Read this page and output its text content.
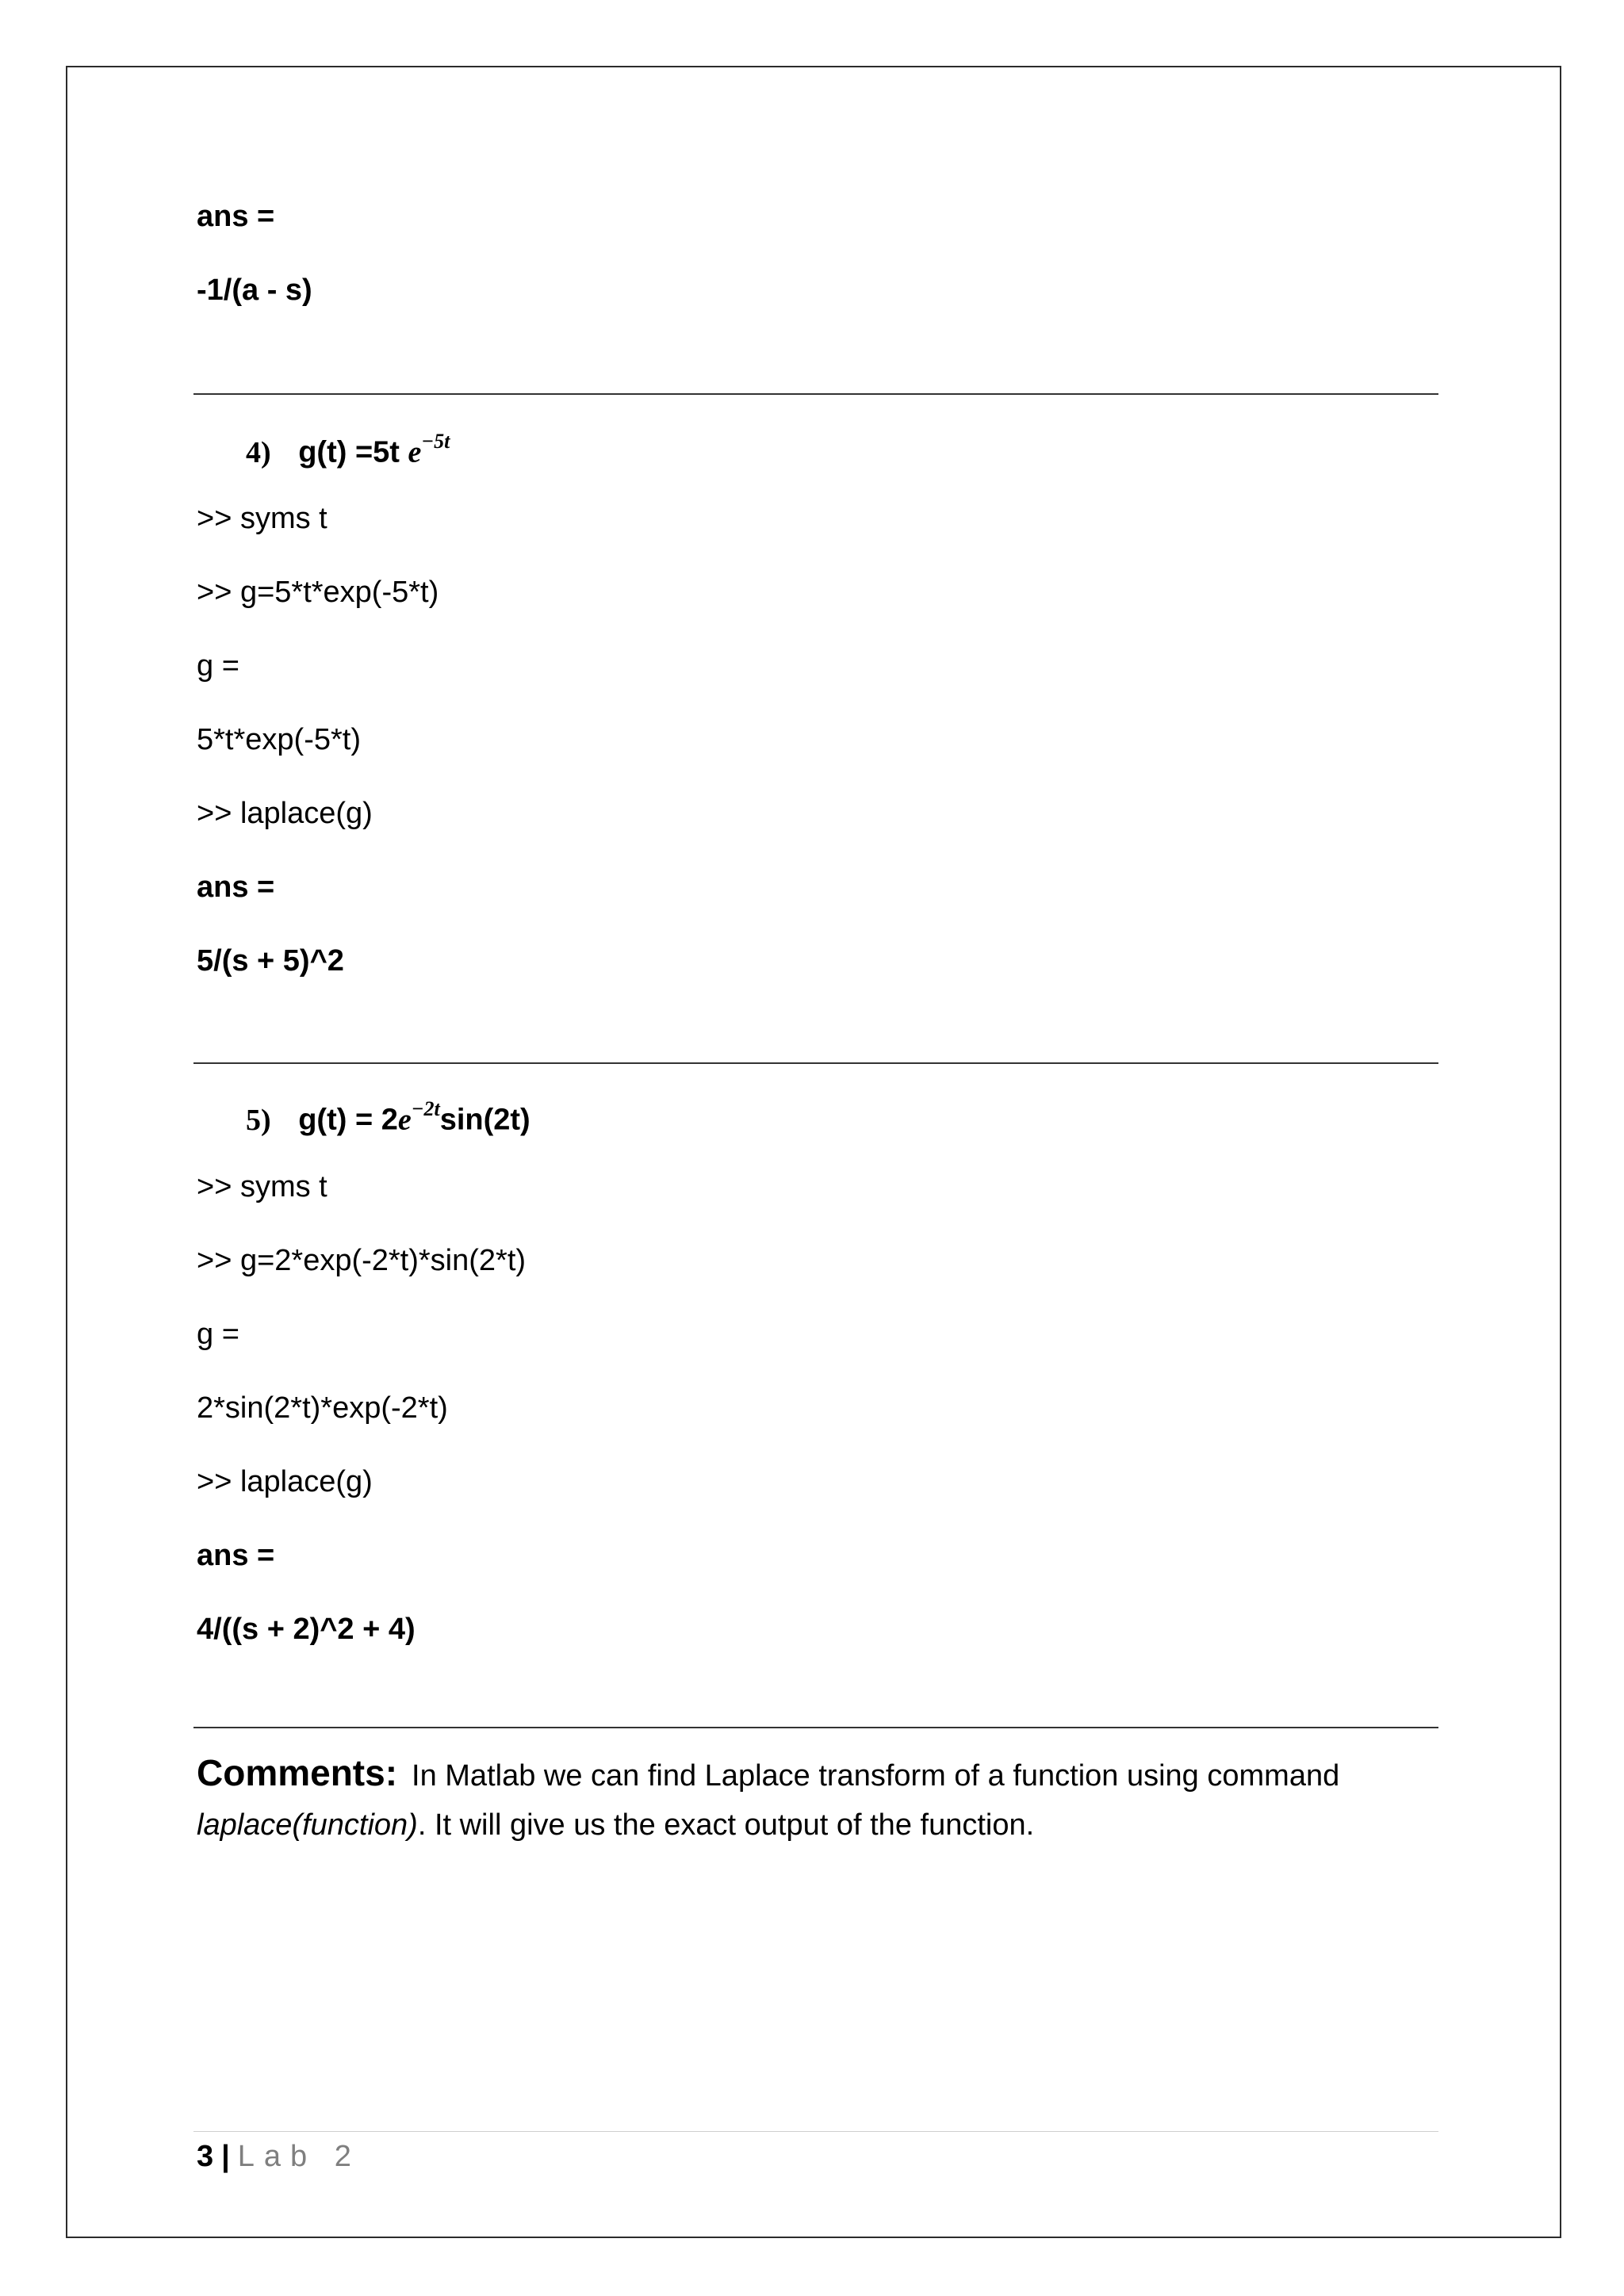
ans =
-1/(a - s)
4) g(t) =5t $e^{-5t}$
>> syms t
>> g=5*t*exp(-5*t)
g =
5*t*exp(-5*t)
>> laplace(g)
ans =
5/(s + 5)^2
5) $g(t) = 2e^{-2t}\sin(2t)$
>> syms t
>> g=2*exp(-2*t)*sin(2*t)
g =
2*sin(2*t)*exp(-2*t)
>> laplace(g)
ans =
4/((s + 2)^2 + 4)
Comments: In Matlab we can find Laplace transform of a function using command laplace(function). It will give us the exact output of the function.
3 | Lab 2
